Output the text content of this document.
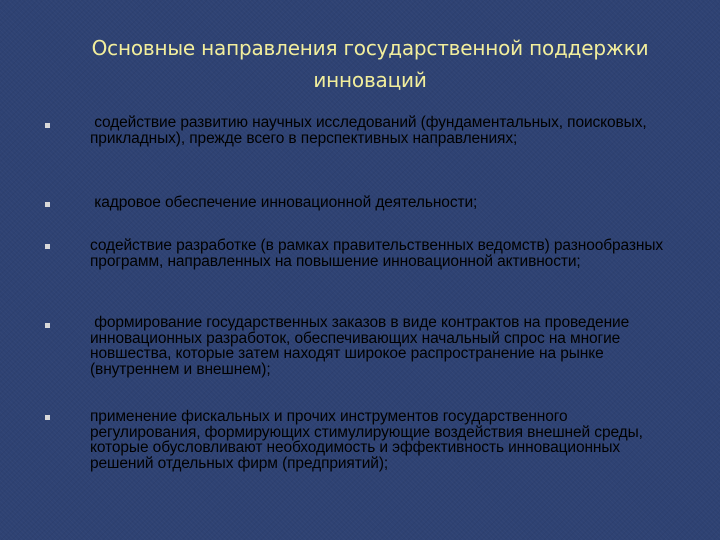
Основные направления государственной поддержки инноваций
содействие развитию научных исследований (фундаментальных, поисковых, прикладных), прежде всего в перспективных направлениях;
кадровое обеспечение инновационной деятельности;
содействие разработке (в рамках правительственных ведомств) разнообразных программ, направленных на повышение инновационной активности;
формирование государственных заказов в виде контрактов на проведение инновационных разработок, обеспечивающих начальный спрос на многие новшества, которые затем находят широкое распространение на рынке (внутреннем и внешнем);
применение фискальных и прочих инструментов государственного регулирования, формирующих стимулирующие воздействия внешней среды, которые обусловливают необходимость и эффективность инновационных решений отдельных фирм (предприятий);
